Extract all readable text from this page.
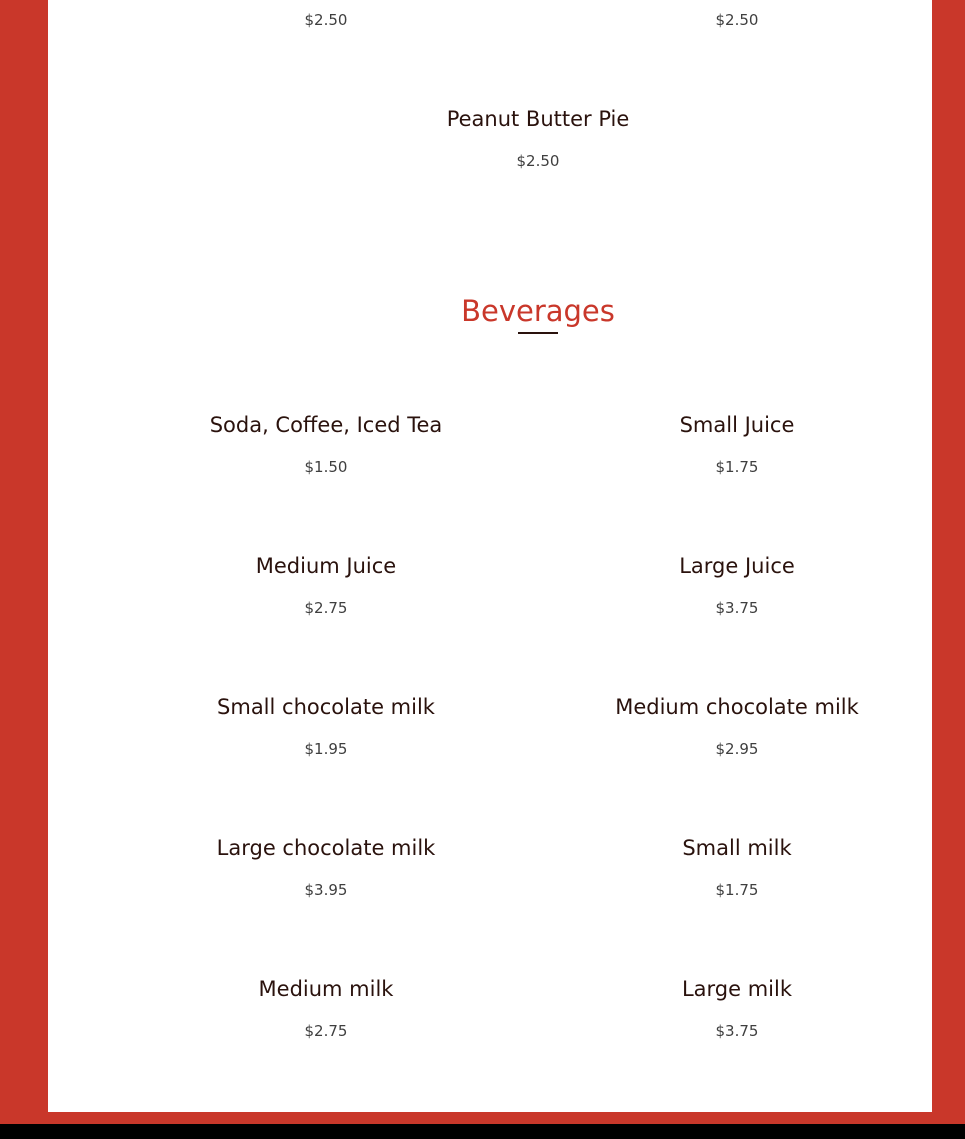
$2.50	$2.50
Peanut Butter Pie
$2.50
Beverages
Soda, Coffee, Iced Tea
$1.50
Small Juice
$1.75
Medium Juice
$2.75
Large Juice
$3.75
Small chocolate milk
$1.95
Medium chocolate milk
$2.95
Large chocolate milk
$3.95
Small milk
$1.75
Medium milk
$2.75
Large milk
$3.75
